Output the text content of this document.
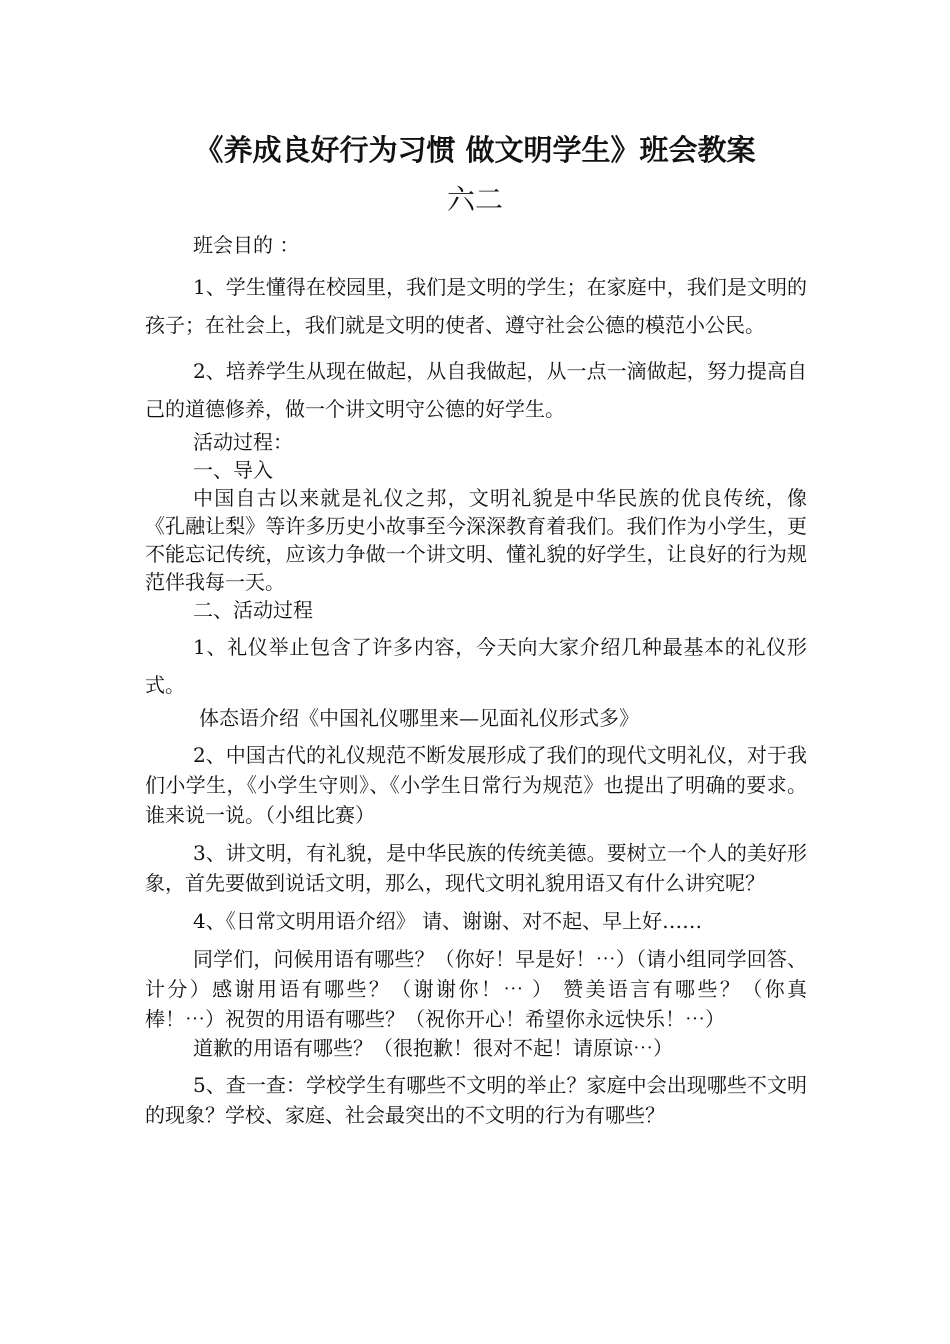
《养成良好行为习惯 做文明学生》班会教案
六二

班会目的 ：

1、学生懂得在校园里，我们是文明的学生；在家庭中，我们是文明的孩子；在社会上，我们就是文明的使者、遵守社会公德的模范小公民。

2、培养学生从现在做起，从自我做起，从一点一滴做起，努力提高自己的道德修养，做一个讲文明守公德的好学生。

活动过程：

一、导入

中国自古以来就是礼仪之邦，文明礼貌是中华民族的优良传统，像《孔融让梨》等许多历史小故事至今深深教育着我们。我们作为小学生，更不能忘记传统，应该力争做一个讲文明、懂礼貌的好学生，让良好的行为规范伴我每一天。

二、活动过程

1、礼仪举止包含了许多内容，今天向大家介绍几种最基本的礼仪形式。

体态语介绍《中国礼仪哪里来—见面礼仪形式多》

2、中国古代的礼仪规范不断发展形成了我们的现代文明礼仪，对于我们小学生，《小学生守则》、《小学生日常行为规范》也提出了明确的要求。谁来说一说。（小组比赛）

3、讲文明，有礼貌，是中华民族的传统美德。要树立一个人的美好形象，首先要做到说话文明，那么，现代文明礼貌用语又有什么讲究呢？

4、《日常文明用语介绍》 请、谢谢、对不起、早上好……

同学们，问候用语有哪些？（你好！早是好！⋯）（请小组同学回答、计分）感谢用语有哪些？（谢谢你！⋯ ） 赞美语言有哪些？（你真棒！⋯）祝贺的用语有哪些？（祝你开心！希望你永远快乐！⋯）

道歉的用语有哪些？（很抱歉！很对不起！请原谅⋯）

5、查一查：学校学生有哪些不文明的举止？家庭中会出现哪些不文明的现象？学校、家庭、社会最突出的不文明的行为有哪些？
